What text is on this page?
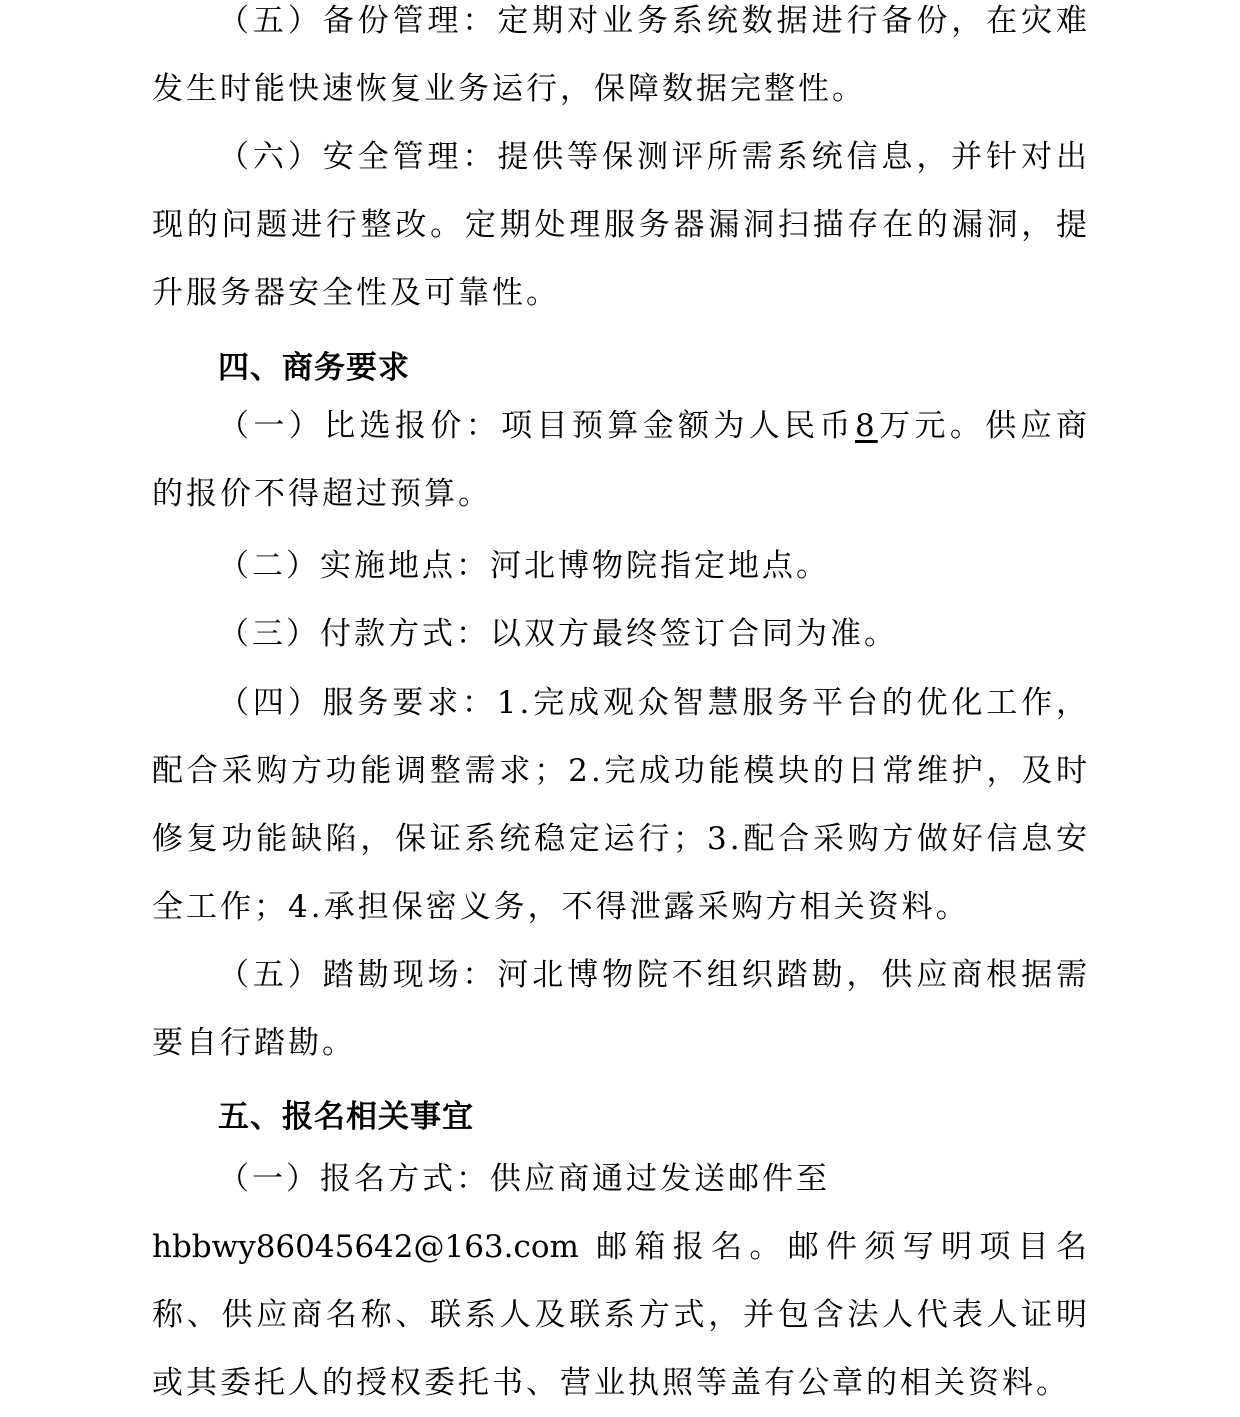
（五）备份管理：定期对业务系统数据进行备份，在灾难发生时能快速恢复业务运行，保障数据完整性。

（六）安全管理：提供等保测评所需系统信息，并针对出现的问题进行整改。定期处理服务器漏洞扫描存在的漏洞，提升服务器安全性及可靠性。

四、商务要求

（一）比选报价：项目预算金额为人民币8万元。供应商的报价不得超过预算。

（二）实施地点：河北博物院指定地点。

（三）付款方式：以双方最终签订合同为准。

（四）服务要求：1.完成观众智慧服务平台的优化工作，配合采购方功能调整需求；2.完成功能模块的日常维护，及时修复功能缺陷，保证系统稳定运行；3.配合采购方做好信息安全工作；4.承担保密义务，不得泄露采购方相关资料。

（五）踏勘现场：河北博物院不组织踏勘，供应商根据需要自行踏勘。

五、报名相关事宜

（一）报名方式：供应商通过发送邮件至
hbbwy86045642@163.com 邮箱报名。邮件须写明项目名称、供应商名称、联系人及联系方式，并包含法人代表人证明或其委托人的授权委托书、营业执照等盖有公章的相关资料。
